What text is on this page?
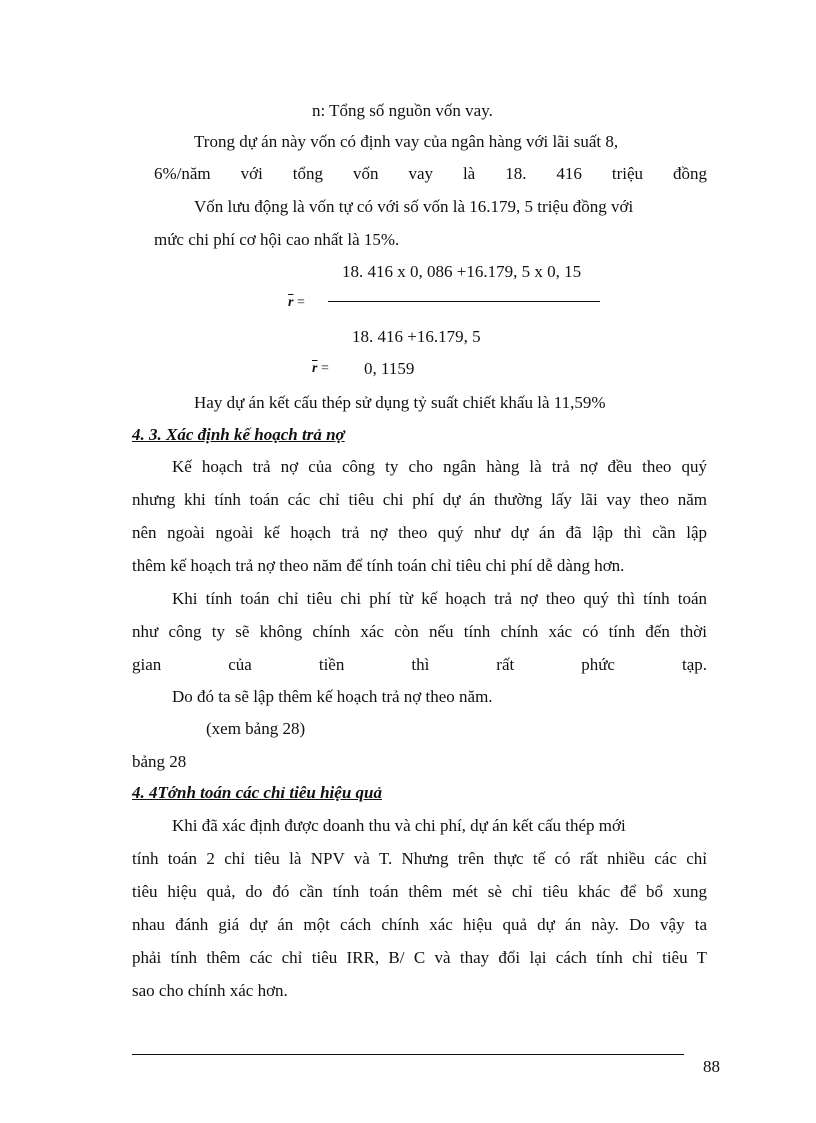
n: Tổng số nguồn vốn vay.
Trong dự án này vốn có định vay của ngân hàng với lãi suất 8,
6%/năm với tổng vốn vay là 18. 416 triệu đồng
Vốn lưu động là vốn tự có với số vốn là 16.179, 5 triệu đồng với
mức chi phí cơ hội cao nhất là 15%.
18. 416 x 0, 086 +16.179, 5 x 0, 15
$\overline{r}$ =
18. 416 +16.179, 5
$\overline{r} = 0$, 1159
Hay dự án kết cấu thép sử dụng tỷ suất chiết khấu là 11,59%
4. 3. Xác định kế hoạch trả nợ
Kế hoạch trả nợ của công ty cho ngân hàng là trả nợ đều theo quý
nhưng khi tính toán các chỉ tiêu chi phí dự án thường lấy lãi vay theo năm
nên ngoài ngoài kế hoạch trả nợ theo quý như dự án đã lập thì cần lập
thêm kế hoạch trả nợ theo năm để tính toán chỉ tiêu chi phí dễ dàng hơn.
Khi tính toán chỉ tiêu chi phí từ kế hoạch trả nợ theo quý thì tính toán
như công ty sẽ không chính xác còn nếu tính chính xác có tính đến thời
gian của tiền thì rất phức tạp.
Do đó ta sẽ lập thêm kế hoạch trả nợ theo năm.
(xem bảng 28)
bảng 28
4. 4Tớnh toán các chỉ tiêu hiệu quả
Khi đã xác định được doanh thu và chi phí, dự án kết cấu thép mới
tính toán 2 chỉ tiêu là NPV và T. Nhưng trên thực tế có rất nhiều các chỉ
tiêu hiệu quả, do đó cần tính toán thêm mét sè chỉ tiêu khác để bổ xung
nhau đánh giá dự án một cách chính xác hiệu quả dự án này. Do vậy ta
phải tính thêm các chỉ tiêu IRR, B/ C và thay đổi lại cách tính chỉ tiêu T
sao cho chính xác hơn.
88
